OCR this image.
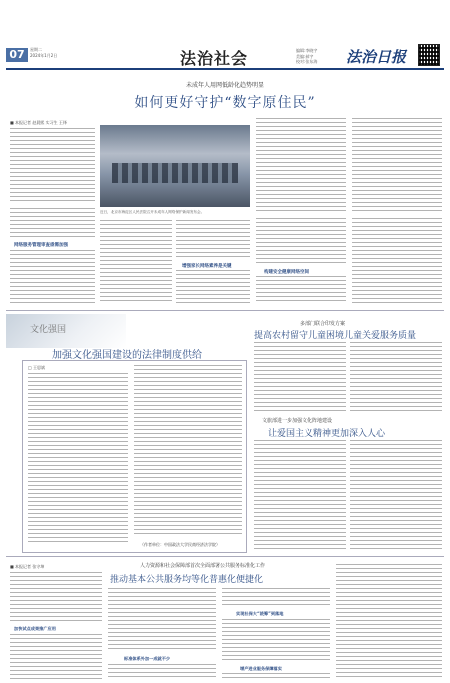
07	星期二
2024年1月2日	法治社会	编辑:李晓宇
美编:郝宇
校对:张东海 法治日报
未成年人用网低龄化趋势明显
如何更好守护“数字原住民”
■ 本报记者 赵晨熙 实习生 王铎
近日，北京市海淀区人民法院召开未成年人网络保护新闻发布会。
网络服务管理审查亟需加强
增强家长网络素养是关键
构建安全健康网络空间
文化强国
加强文化强国建设的法律制度供给
□ 王思斌
（作者单位：中国政法大学民商经济法学院）
多部门联合印发方案
提高农村留守儿童困境儿童关爱服务质量
文旅部进一步加强文化阵地建设
让爱国主义精神更加深入人心
人力资源和社会保障部首次全面部署公共服务标准化工作
推动基本公共服务均等化普惠化便捷化
■ 本报记者 张守坤
加快试点成果推广应用
标准体系外加一成就不少
实现社保大“统筹”到落地
增产进业服务保障落实
